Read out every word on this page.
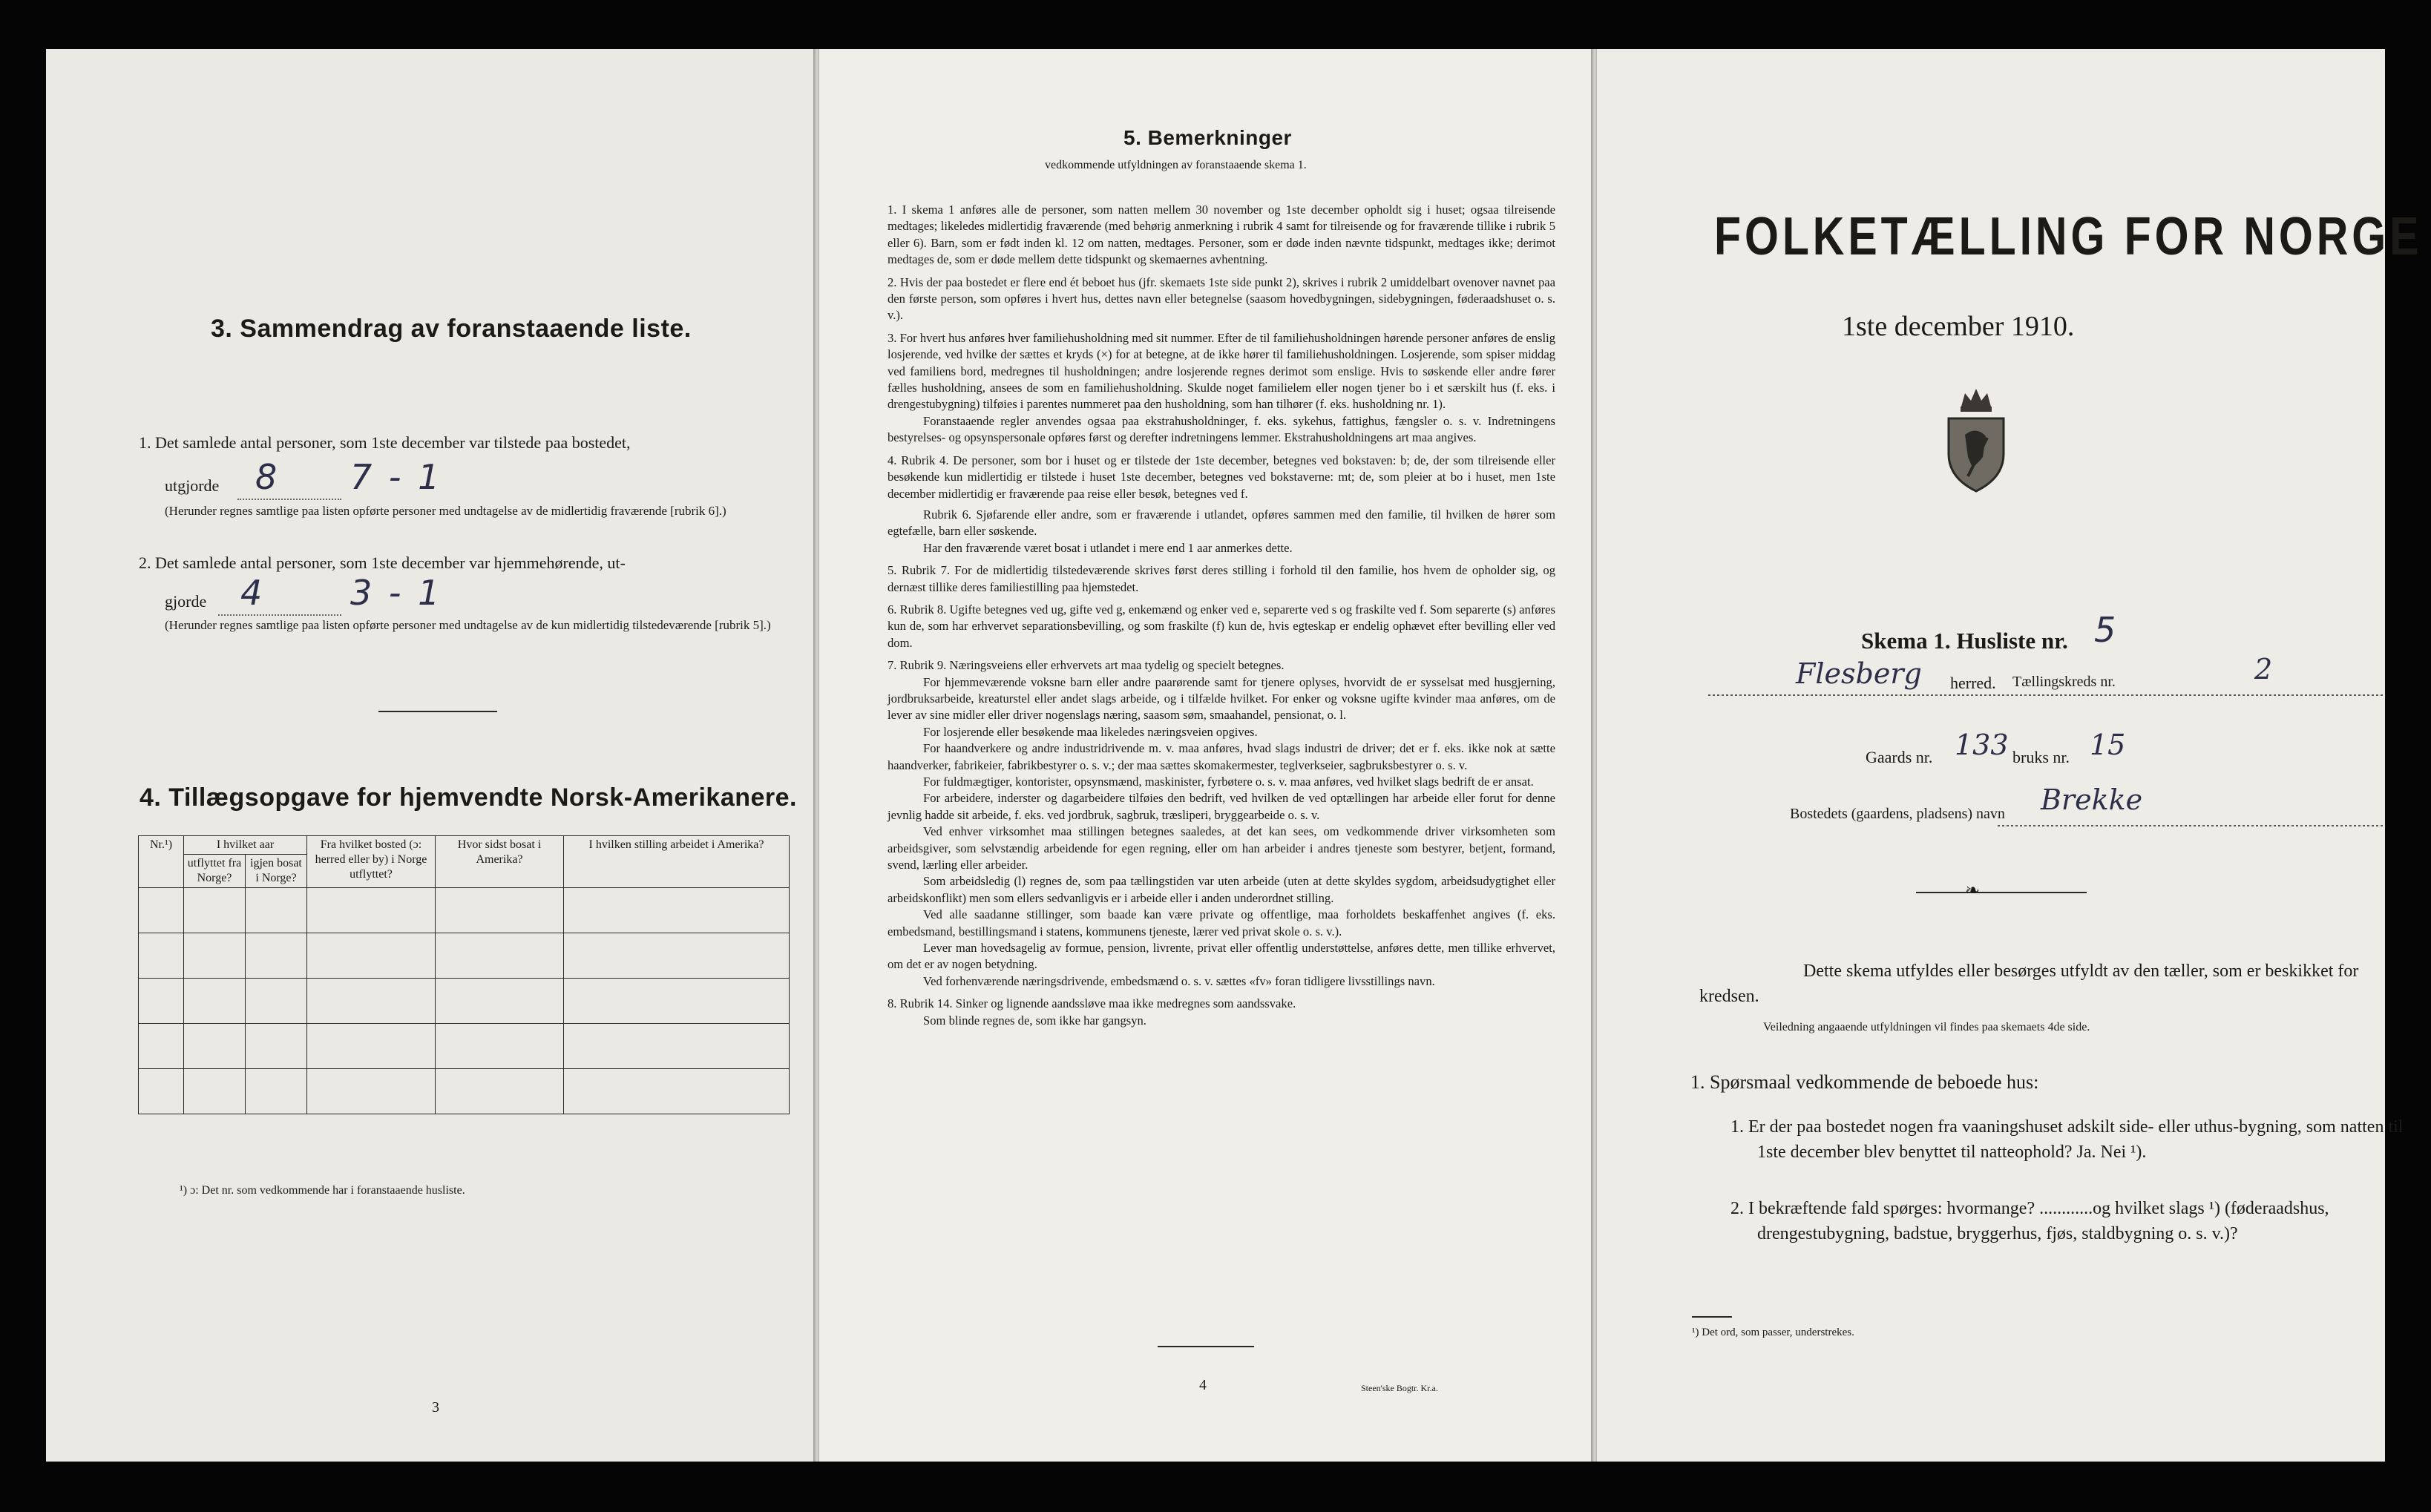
3. Sammendrag av foranstaaende liste.
1. Det samlede antal personer, som 1ste december var tilstede paa bostedet,
utgjorde 8 7 - 1
(Herunder regnes samtlige paa listen opførte personer med undtagelse av de midlertidig fraværende [rubrik 6].)
2. Det samlede antal personer, som 1ste december var hjemmehørende, ut-
gjorde 4	3 - 1
(Herunder regnes samtlige paa listen opførte personer med undtagelse av de kun midlertidig tilstedeværende [rubrik 5].)
4. Tillægsopgave for hjemvendte Norsk-Amerikanere.
Nr.¹)	I hvilket aar		Fra hvilket bosted (ɔ: herred eller by) i Norge utflyttet?	Hvor sidst bosat i Amerika?	I hvilken stilling arbeidet i Amerika?
	utflyttet fra Norge?	igjen bosat i Norge?			

¹) ɔ: Det nr. som vedkommende har i foranstaaende husliste.
3
5. Bemerkninger
vedkommende utfyldningen av foranstaaende skema 1.

1. I skema 1 anføres alle de personer, som natten mellem 30 november og 1ste december opholdt sig i huset; ogsaa tilreisende medtages; likeledes midlertidig fraværende (med behørig anmerkning i rubrik 4 samt for tilreisende og for fraværende tillike i rubrik 5 eller 6). Barn, som er født inden kl. 12 om natten, medtages. Personer, som er døde inden nævnte tidspunkt, medtages ikke; derimot medtages de, som er døde mellem dette tidspunkt og skemaernes avhentning.

2. Hvis der paa bostedet er flere end ét beboet hus (jfr. skemaets 1ste side punkt 2), skrives i rubrik 2 umiddelbart ovenover navnet paa den første person, som opføres i hvert hus, dettes navn eller betegnelse (saasom hovedbygningen, sidebygningen, føderaadshuset o. s. v.).

3. For hvert hus anføres hver familiehusholdning med sit nummer. Efter de til familiehusholdningen hørende personer anføres de enslig losjerende, ved hvilke der sættes et kryds (×) for at betegne, at de ikke hører til familiehusholdningen. Losjerende, som spiser middag ved familiens bord, medregnes til husholdningen; andre losjerende regnes derimot som enslige. Hvis to søskende eller andre fører fælles husholdning, ansees de som en familiehusholdning. Skulde noget familielem eller nogen tjener bo i et særskilt hus (f. eks. i drengestubygning) tilføies i parentes nummeret paa den husholdning, som han tilhører (f. eks. husholdning nr. 1).

Foranstaaende regler anvendes ogsaa paa ekstrahusholdninger, f. eks. sykehus, fattighus, fængsler o. s. v. Indretningens bestyrelses- og opsynspersonale opføres først og derefter indretningens lemmer. Ekstrahusholdningens art maa angives.

4. Rubrik 4. De personer, som bor i huset og er tilstede der 1ste december, betegnes ved bokstaven: b; de, der som tilreisende eller besøkende kun midlertidig er tilstede i huset 1ste december, betegnes ved bokstaverne: mt; de, som pleier at bo i huset, men 1ste december midlertidig er fraværende paa reise eller besøk, betegnes ved f.

Rubrik 6. Sjøfarende eller andre, som er fraværende i utlandet, opføres sammen med den familie, til hvilken de hører som egtefælle, barn eller søskende.

Har den fraværende været bosat i utlandet i mere end 1 aar anmerkes dette.

5. Rubrik 7. For de midlertidig tilstedeværende skrives først deres stilling i forhold til den familie, hos hvem de opholder sig, og dernæst tillike deres familiestilling paa hjemstedet.

6. Rubrik 8. Ugifte betegnes ved ug, gifte ved g, enkemænd og enker ved e, separerte ved s og fraskilte ved f. Som separerte (s) anføres kun de, som har erhvervet separationsbevilling, og som fraskilte (f) kun de, hvis egteskap er endelig ophævet efter bevilling eller ved dom.

7. Rubrik 9. Næringsveiens eller erhvervets art maa tydelig og specielt betegnes.

For hjemmeværende voksne barn eller andre paarørende samt for tjenere oplyses, hvorvidt de er sysselsat med husgjerning, jordbruksarbeide, kreaturstel eller andet slags arbeide, og i tilfælde hvilket. For enker og voksne ugifte kvinder maa anføres, om de lever av sine midler eller driver nogenslags næring, saasom søm, smaahandel, pensionat, o. l.

For losjerende eller besøkende maa likeledes næringsveien opgives.

For haandverkere og andre industridrivende m. v. maa anføres, hvad slags industri de driver; det er f. eks. ikke nok at sætte haandverker, fabrikeier, fabrikbestyrer o. s. v.; der maa sættes skomakermester, teglverkseier, sagbruksbestyrer o. s. v.

For fuldmægtiger, kontorister, opsynsmænd, maskinister, fyrbøtere o. s. v. maa anføres, ved hvilket slags bedrift de er ansat.

For arbeidere, inderster og dagarbeidere tilføies den bedrift, ved hvilken de ved optællingen har arbeide eller forut for denne jevnlig hadde sit arbeide, f. eks. ved jordbruk, sagbruk, træsliperi, bryggearbeide o. s. v.

Ved enhver virksomhet maa stillingen betegnes saaledes, at det kan sees, om vedkommende driver virksomheten som arbeidsgiver, som selvstændig arbeidende for egen regning, eller om han arbeider i andres tjeneste som bestyrer, betjent, formand, svend, lærling eller arbeider.

Som arbeidsledig (l) regnes de, som paa tællingstiden var uten arbeide (uten at dette skyldes sygdom, arbeidsudygtighet eller arbeidskonflikt) men som ellers sedvanligvis er i arbeide eller i anden underordnet stilling.

Ved alle saadanne stillinger, som baade kan være private og offentlige, maa forholdets beskaffenhet angives (f. eks. embedsmand, bestillingsmand i statens, kommunens tjeneste, lærer ved privat skole o. s. v.).

Lever man hovedsagelig av formue, pension, livrente, privat eller offentlig understøttelse, anføres dette, men tillike erhvervet, om det er av nogen betydning.

Ved forhenværende næringsdrivende, embedsmænd o. s. v. sættes «fv» foran tidligere livsstillings navn.

8. Rubrik 14. Sinker og lignende aandssløve maa ikke medregnes som aandssvake.

Som blinde regnes de, som ikke har gangsyn.

4	Steen'ske Bogtr. Kr.a.
FOLKETÆLLING FOR NORGE
1ste december 1910.
Skema 1. Husliste nr. 5
Flesberg herred. Tællingskreds nr.	2
Gaards nr. 133 bruks nr. 15
Bostedets (gaardens, pladsens) navn Brekke
❧
Dette skema utfyldes eller besørges utfyldt av den tæller, som er beskikket for kredsen.
Veiledning angaaende utfyldningen vil findes paa skemaets 4de side.
1. Spørsmaal vedkommende de beboede hus:
1. Er der paa bostedet nogen fra vaaningshuset adskilt side- eller uthus-bygning, som natten til 1ste december blev benyttet til natteophold? Ja. Nei ¹).
2. I bekræftende fald spørges: hvormange? ............og hvilket slags ¹) (føderaadshus, drengestubygning, badstue, bryggerhus, fjøs, staldbygning o. s. v.)?
¹) Det ord, som passer, understrekes.
